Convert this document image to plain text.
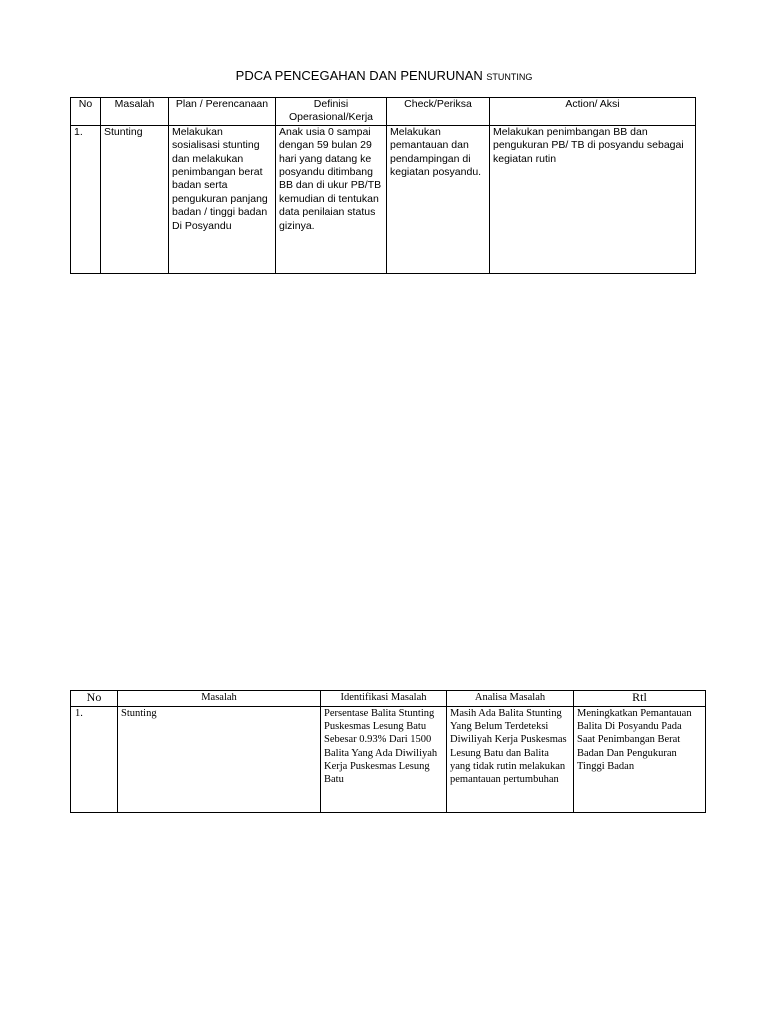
PDCA PENCEGAHAN DAN PENURUNAN STUNTING
No	Masalah	Plan / Perencanaan	Definisi Operasional/Kerja	Check/Periksa	Action/ Aksi
1.	Stunting	Melakukan sosialisasi stunting dan melakukan penimbangan berat badan serta pengukuran panjang badan / tinggi badan Di Posyandu	Anak usia 0 sampai dengan 59 bulan 29 hari yang datang ke posyandu ditimbang BB dan di ukur PB/TB kemudian di tentukan data penilaian status gizinya.	Melakukan pemantauan dan pendampingan di kegiatan posyandu.	Melakukan penimbangan BB dan pengukuran PB/ TB di posyandu sebagai kegiatan rutin
No	Masalah	Identifikasi Masalah	Analisa Masalah	Rtl
1.	Stunting	Persentase Balita Stunting Puskesmas Lesung Batu Sebesar 0.93% Dari 1500 Balita Yang Ada Diwiliyah Kerja Puskesmas Lesung Batu	Masih Ada Balita Stunting Yang Belum Terdeteksi Diwiliyah Kerja Puskesmas Lesung Batu dan Balita yang tidak rutin melakukan pemantauan pertumbuhan	Meningkatkan Pemantauan Balita Di Posyandu Pada Saat Penimbangan Berat Badan Dan Pengukuran Tinggi Badan
